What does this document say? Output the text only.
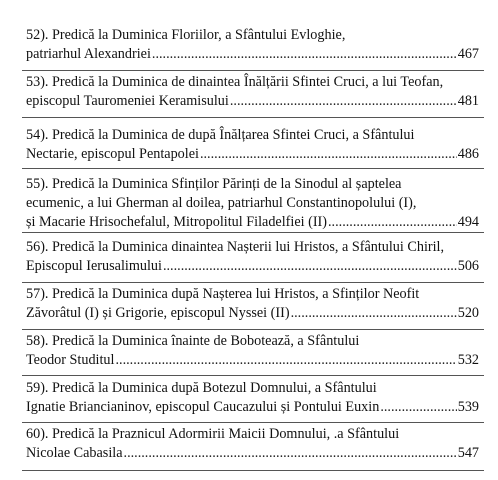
52). Predică la Duminica Floriilor, a Sfântului Evloghie,
patriarhul Alexandriei .....	467
53). Predică la Duminica de dinaintea Înălțării Sfintei Cruci, a lui Teofan,
episcopul Tauromeniei Keramisului .....	481
54). Predică la Duminica de după Înălțarea Sfintei Cruci, a Sfântului
Nectarie, episcopul Pentapolei .....	486
55). Predică la Duminica Sfinților Părinți de la Sinodul al șaptelea
ecumenic, a lui Gherman al doilea, patriarhul Constantinopolului (I),
și Macarie Hrisochefalul, Mitropolitul Filadelfiei (II) .....	494
56). Predică la Duminica dinaintea Nașterii lui Hristos, a Sfântului Chiril,
Episcopul Ierusalimului .....	506
57). Predică la Duminica după Nașterea lui Hristos, a Sfinților Neofit
Zăvorâtul (I) și Grigorie, episcopul Nyssei (II) .....	520
58). Predică la Duminica înainte de Bobotează, a Sfântului
Teodor Studitul .....	532
59). Predică la Duminica după Botezul Domnului, a Sfântului
Ignatie Briancianinov, episcopul Caucazului și Pontului Euxin .....	539
60). Predică la Praznicul Adormirii Maicii Domnului, .a Sfântului
Nicolae Cabasila .....	547
